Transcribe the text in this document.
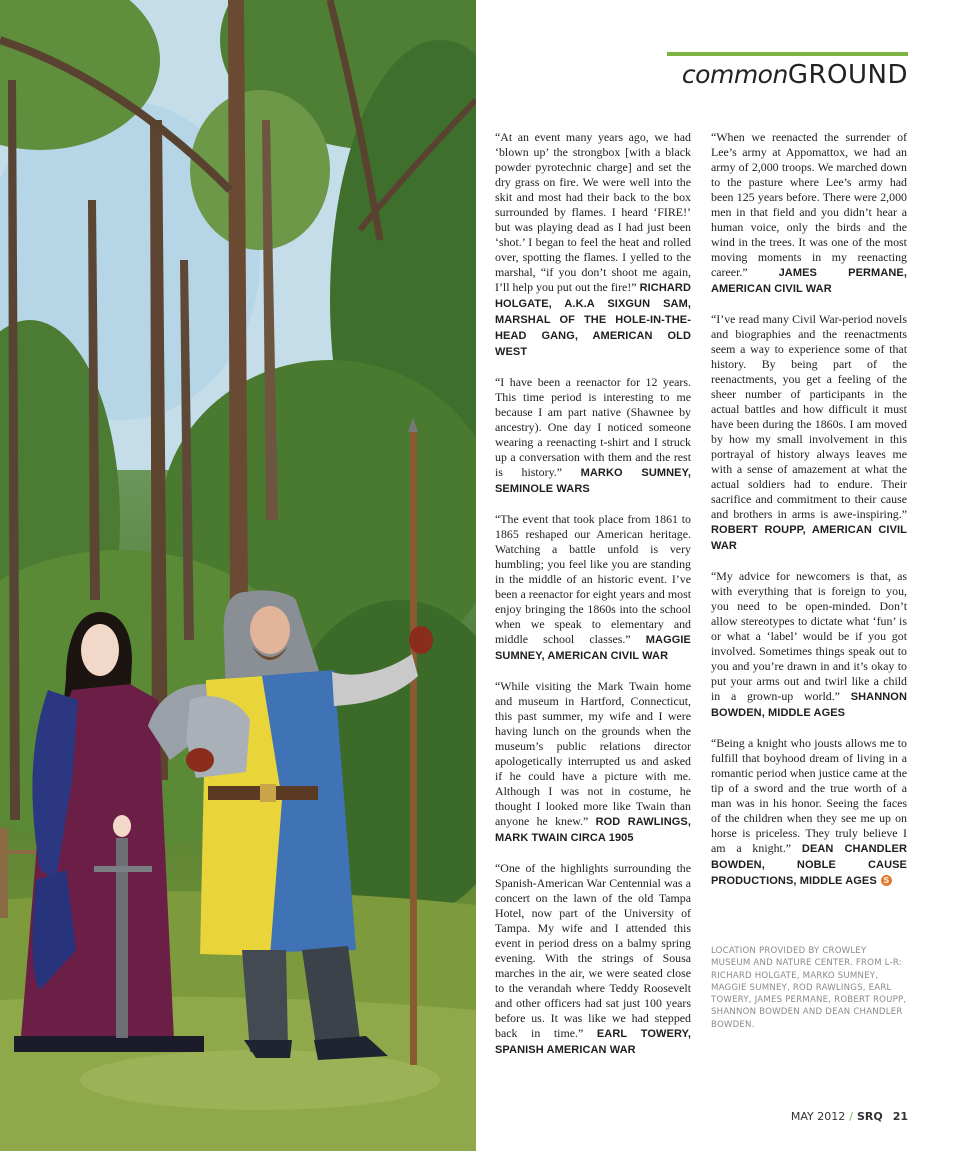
commonGROUND

“At an event many years ago, we had ‘blown up’ the strongbox [with a black powder pyrotechnic charge] and set the dry grass on fire. We were well into the skit and most had their back to the box surrounded by flames. I heard ‘FIRE!’ but was playing dead as I had just been ‘shot.’ I began to feel the heat and rolled over, spotting the flames. I yelled to the marshal, “if you don’t shoot me again, I’ll help you put out the fire!” RICHARD HOLGATE, A.K.A SIXGUN SAM, MARSHAL OF THE HOLE-IN-THE-HEAD GANG, AMERICAN OLD WEST

“I have been a reenactor for 12 years. This time period is interesting to me because I am part native (Shawnee by ancestry). One day I noticed someone wearing a reenacting t-shirt and I struck up a conversation with them and the rest is history.” MARKO SUMNEY, SEMINOLE WARS

“The event that took place from 1861 to 1865 reshaped our American heritage. Watching a battle unfold is very humbling; you feel like you are standing in the middle of an historic event. I’ve been a reenactor for eight years and most enjoy bringing the 1860s into the school when we speak to elementary and middle school classes.” MAGGIE SUMNEY, AMERICAN CIVIL WAR

“While visiting the Mark Twain home and museum in Hartford, Connecticut, this past summer, my wife and I were having lunch on the grounds when the museum’s public relations director apologetically interrupted us and asked if he could have a picture with me. Although I was not in costume, he thought I looked more like Twain than anyone he knew.” ROD RAWLINGS, MARK TWAIN CIRCA 1905

“One of the highlights surrounding the Spanish-American War Centennial was a concert on the lawn of the old Tampa Hotel, now part of the University of Tampa. My wife and I attended this event in period dress on a balmy spring evening. With the strings of Sousa marches in the air, we were seated close to the verandah where Teddy Roosevelt and other officers had sat just 100 years before us. It was like we had stepped back in time.” EARL TOWERY, SPANISH AMERICAN WAR

“When we reenacted the surrender of Lee’s army at Appomattox, we had an army of 2,000 troops. We marched down to the pasture where Lee’s army had been 125 years before. There were 2,000 men in that field and you didn’t hear a human voice, only the birds and the wind in the trees. It was one of the most moving moments in my reenacting career.”	JAMES PERMANE, AMERICAN CIVIL WAR

“I’ve read many Civil War-period novels and biographies and the reenactments seem a way to experience some of that history. By being part of the reenactments, you get a feeling of the sheer number of participants in the actual battles and how difficult it must have been during the 1860s. I am moved by how my small involvement in this portrayal of history always leaves me with a sense of amazement at what the actual soldiers had to endure. Their sacrifice and commitment to their cause and brothers in arms is awe-inspiring.” ROBERT ROUPP, AMERICAN CIVIL WAR

“My advice for newcomers is that, as with everything that is foreign to you, you need to be open-minded. Don’t allow stereotypes to dictate what ‘fun’ is or what a ‘label’ would be if you got involved. Sometimes things speak out to you and you’re drawn in and it’s okay to put your arms out and twirl like a child in a grown-up world.” SHANNON BOWDEN, MIDDLE AGES

“Being a knight who jousts allows me to fulfill that boyhood dream of living in a romantic period when justice came at the tip of a sword and the true worth of a man was in his honor. Seeing the faces of the children when they see me up on horse is priceless. They truly believe I am a knight.” DEAN CHANDLER BOWDEN, NOBLE CAUSE PRODUCTIONS, MIDDLE AGES S

LOCATION PROVIDED BY CROWLEY MUSEUM AND NATURE CENTER. FROM L-R: RICHARD HOLGATE, MARKO SUMNEY, MAGGIE SUMNEY, ROD RAWLINGS, EARL TOWERY, JAMES PERMANE, ROBERT ROUPP, SHANNON BOWDEN AND DEAN CHANDLER BOWDEN.
MAY 2012 / SRQ 21
